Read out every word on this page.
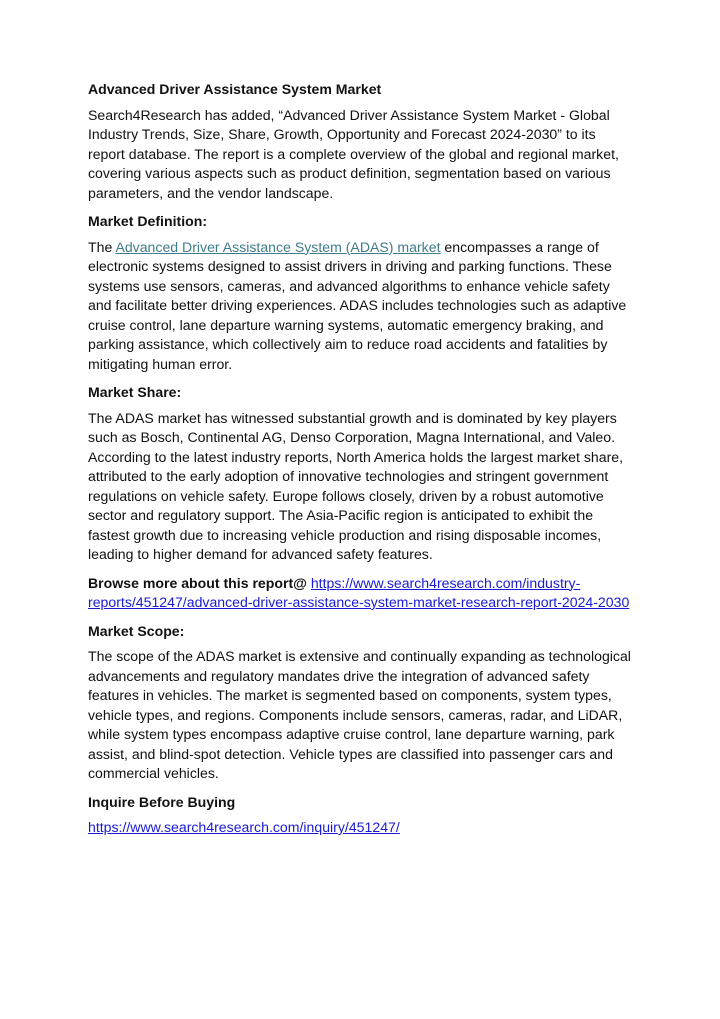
Advanced Driver Assistance System Market

Search4Research has added, “Advanced Driver Assistance System Market - Global Industry Trends, Size, Share, Growth, Opportunity and Forecast 2024-2030” to its report database. The report is a complete overview of the global and regional market, covering various aspects such as product definition, segmentation based on various parameters, and the vendor landscape.

Market Definition:

The Advanced Driver Assistance System (ADAS) market encompasses a range of electronic systems designed to assist drivers in driving and parking functions. These systems use sensors, cameras, and advanced algorithms to enhance vehicle safety and facilitate better driving experiences. ADAS includes technologies such as adaptive cruise control, lane departure warning systems, automatic emergency braking, and parking assistance, which collectively aim to reduce road accidents and fatalities by mitigating human error.

Market Share:

The ADAS market has witnessed substantial growth and is dominated by key players such as Bosch, Continental AG, Denso Corporation, Magna International, and Valeo. According to the latest industry reports, North America holds the largest market share, attributed to the early adoption of innovative technologies and stringent government regulations on vehicle safety. Europe follows closely, driven by a robust automotive sector and regulatory support. The Asia-Pacific region is anticipated to exhibit the fastest growth due to increasing vehicle production and rising disposable incomes, leading to higher demand for advanced safety features.

Browse more about this report@ https://www.search4research.com/industry-reports/451247/advanced-driver-assistance-system-market-research-report-2024-2030

Market Scope:

The scope of the ADAS market is extensive and continually expanding as technological advancements and regulatory mandates drive the integration of advanced safety features in vehicles. The market is segmented based on components, system types, vehicle types, and regions. Components include sensors, cameras, radar, and LiDAR, while system types encompass adaptive cruise control, lane departure warning, park assist, and blind-spot detection. Vehicle types are classified into passenger cars and commercial vehicles.

Inquire Before Buying

https://www.search4research.com/inquiry/451247/
